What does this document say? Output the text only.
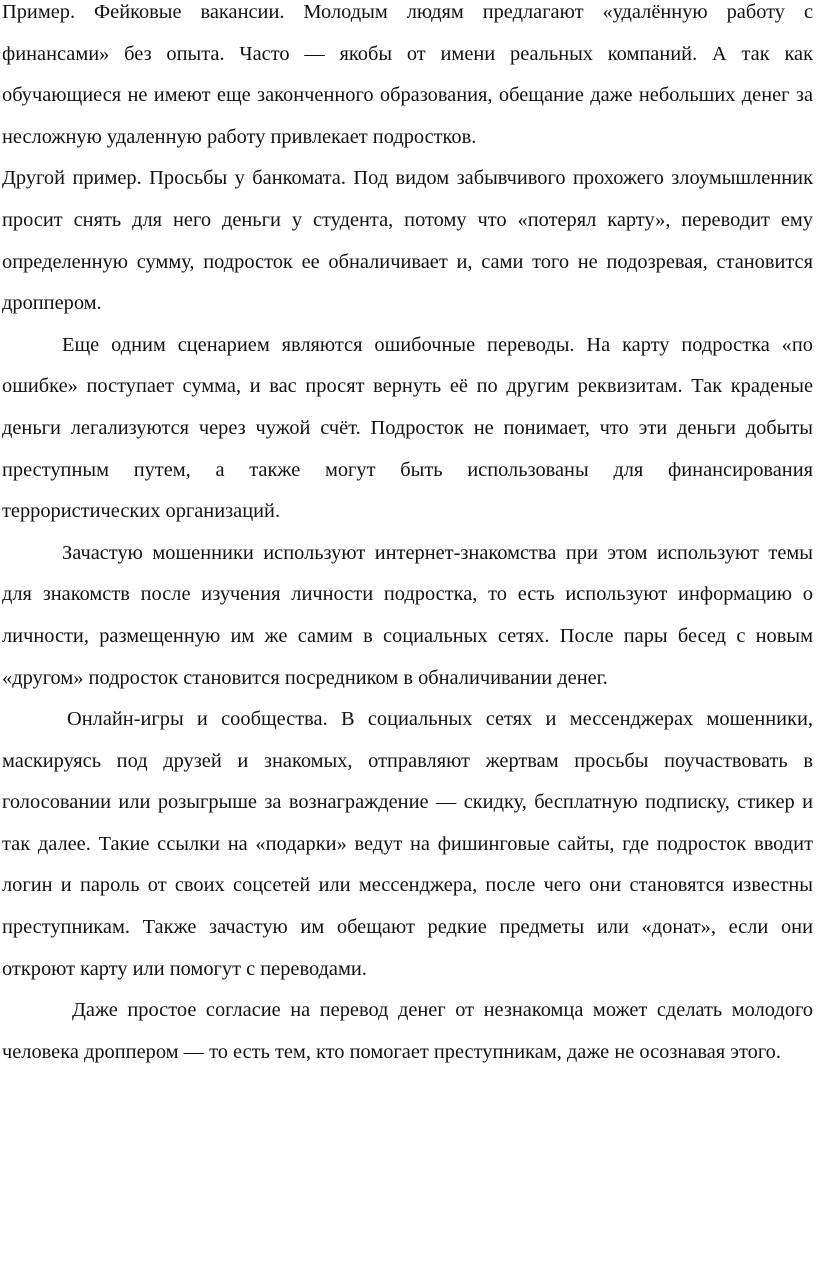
Пример. Фейковые вакансии. Молодым людям предлагают «удалённую работу с финансами» без опыта. Часто — якобы от имени реальных компаний. А так как обучающиеся не имеют еще законченного образования, обещание даже небольших денег за несложную удаленную работу привлекает подростков.

Другой пример. Просьбы у банкомата. Под видом забывчивого прохожего злоумышленник просит снять для него деньги у студента, потому что «потерял карту», переводит ему определенную сумму, подросток ее обналичивает и, сами того не подозревая, становится дроппером.

Еще одним сценарием являются ошибочные переводы. На карту подростка «по ошибке» поступает сумма, и вас просят вернуть её по другим реквизитам. Так краденые деньги легализуются через чужой счёт. Подросток не понимает, что эти деньги добыты преступным путем, а также могут быть использованы для финансирования террористических организаций.

Зачастую мошенники используют интернет-знакомства при этом используют темы для знакомств после изучения личности подростка, то есть используют информацию о личности, размещенную им же самим в социальных сетях. После пары бесед с новым «другом» подросток становится посредником в обналичивании денег.

Онлайн-игры и сообщества. В социальных сетях и мессенджерах мошенники, маскируясь под друзей и знакомых, отправляют жертвам просьбы поучаствовать в голосовании или розыгрыше за вознаграждение — скидку, бесплатную подписку, стикер и так далее. Такие ссылки на «подарки» ведут на фишинговые сайты, где подросток вводит логин и пароль от своих соцсетей или мессенджера, после чего они становятся известны преступникам. Также зачастую им обещают редкие предметы или «донат», если они откроют карту или помогут с переводами.

Даже простое согласие на перевод денег от незнакомца может сделать молодого человека дроппером — то есть тем, кто помогает преступникам, даже не осознавая этого.
